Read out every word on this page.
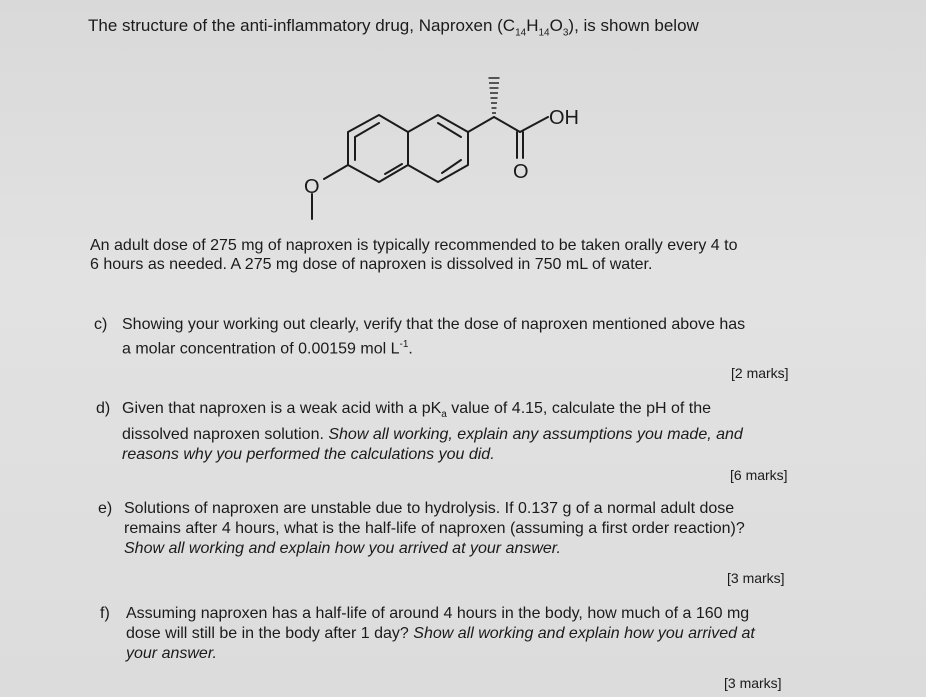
The structure of the anti-inflammatory drug, Naproxen $(C_{14}H_{14}O_3)$, is shown below
OH
O
O
An adult dose of 275 mg of naproxen is typically recommended to be taken orally every 4 to
6 hours as needed. A 275 mg dose of naproxen is dissolved in 750 mL of water.
c) Showing your working out clearly, verify that the dose of naproxen mentioned above has
a molar concentration of 0.00159 mol $L^{-1}$.
[2 marks]
d) Given that naproxen is a weak acid with a $pK_a$ value of 4.15, calculate the pH of the
dissolved naproxen solution. Show all working, explain any assumptions you made, and
reasons why you performed the calculations you did.
[6 marks]
e) Solutions of naproxen are unstable due to hydrolysis. If 0.137 g of a normal adult dose
remains after 4 hours, what is the half-life of naproxen (assuming a first order reaction)?
Show all working and explain how you arrived at your answer.
[3 marks]
f) Assuming naproxen has a half-life of around 4 hours in the body, how much of a 160 mg
dose will still be in the body after 1 day? Show all working and explain how you arrived at
your answer.
[3 marks]
